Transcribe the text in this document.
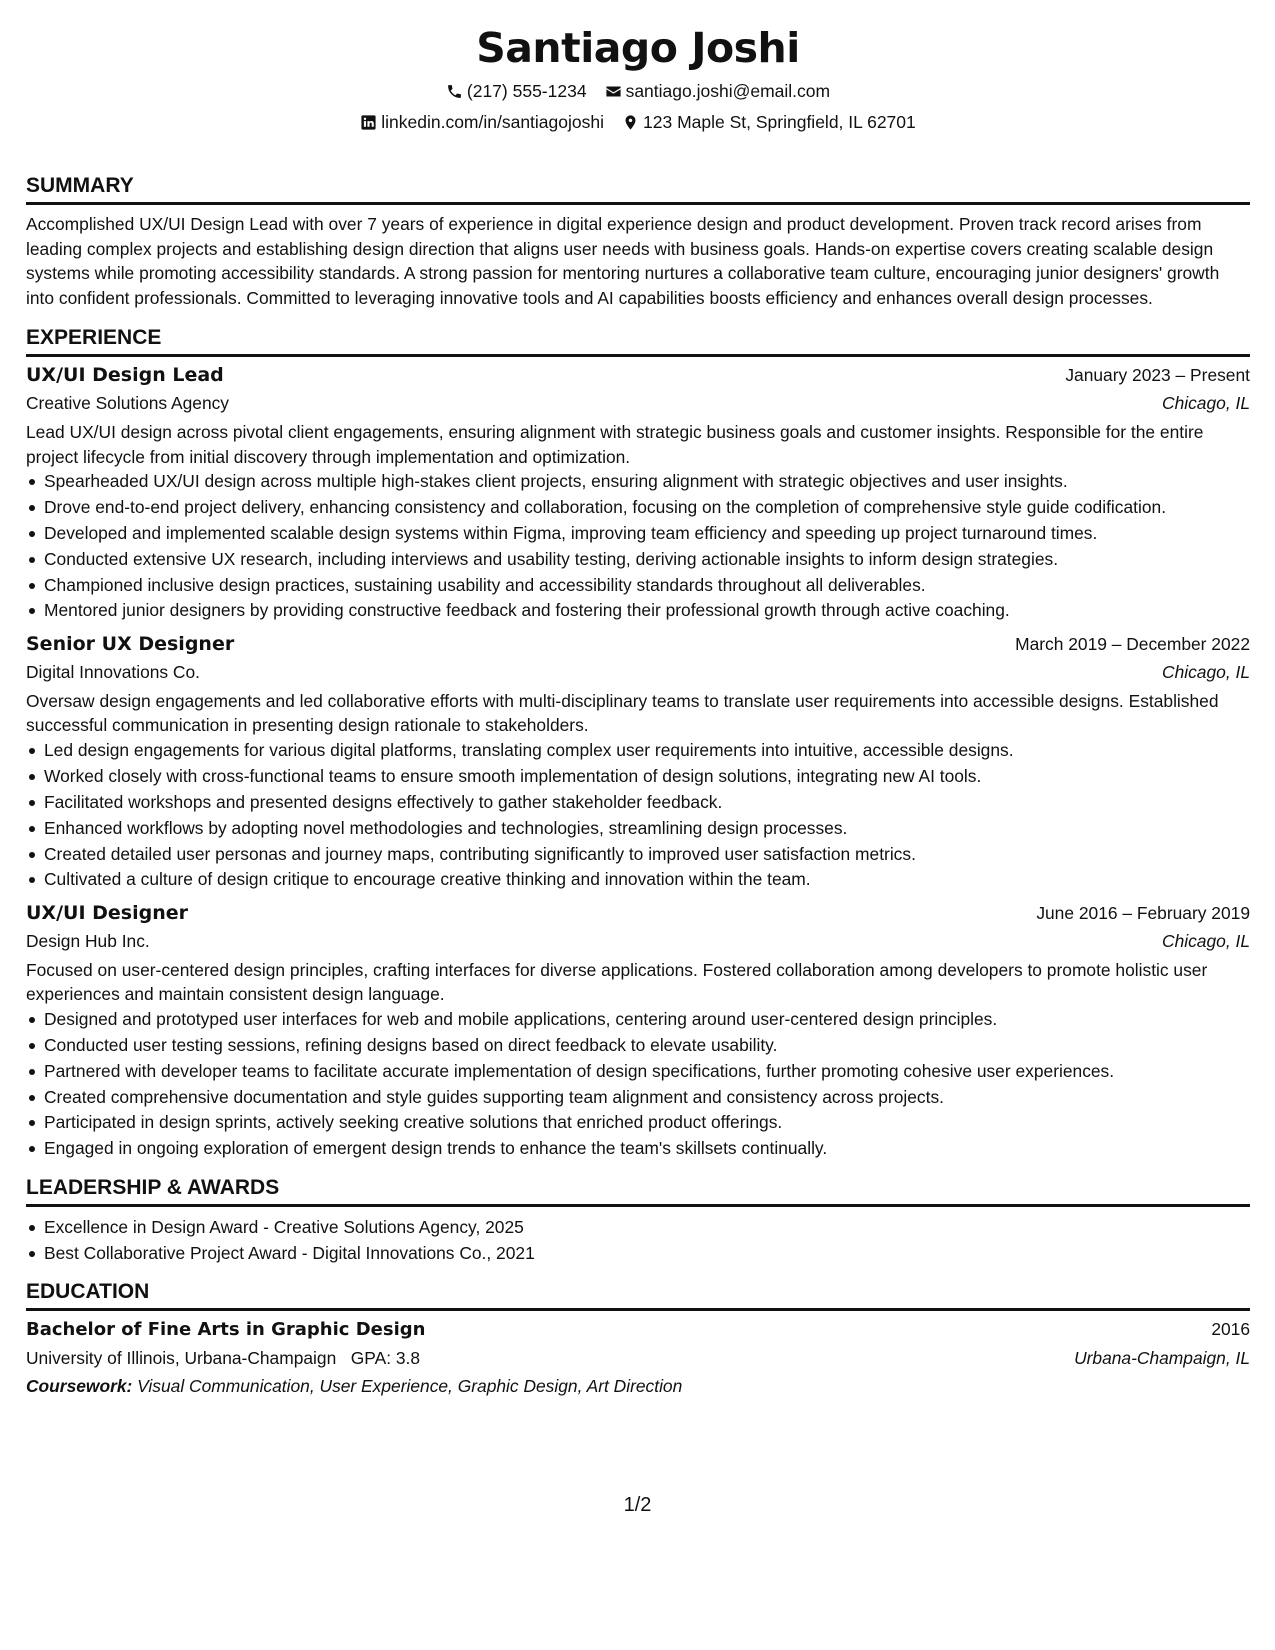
Santiago Joshi
(217) 555-1234 santiago.joshi@email.com
linkedin.com/in/santiagojoshi 123 Maple St, Springfield, IL 62701
SUMMARY

Accomplished UX/UI Design Lead with over 7 years of experience in digital experience design and product development. Proven track record arises from leading complex projects and establishing design direction that aligns user needs with business goals. Hands-on expertise covers creating scalable design systems while promoting accessibility standards. A strong passion for mentoring nurtures a collaborative team culture, encouraging junior designers' growth into confident professionals. Committed to leveraging innovative tools and AI capabilities boosts efficiency and enhances overall design processes.

EXPERIENCE
UX/UI Design Lead	January 2023 – Present
Creative Solutions Agency	Chicago, IL

Lead UX/UI design across pivotal client engagements, ensuring alignment with strategic business goals and customer insights. Responsible for the entire project lifecycle from initial discovery through implementation and optimization.

Spearheaded UX/UI design across multiple high-stakes client projects, ensuring alignment with strategic objectives and user insights.
Drove end-to-end project delivery, enhancing consistency and collaboration, focusing on the completion of comprehensive style guide codification.
Developed and implemented scalable design systems within Figma, improving team efficiency and speeding up project turnaround times.
Conducted extensive UX research, including interviews and usability testing, deriving actionable insights to inform design strategies.
Championed inclusive design practices, sustaining usability and accessibility standards throughout all deliverables.
Mentored junior designers by providing constructive feedback and fostering their professional growth through active coaching.
Senior UX Designer	March 2019 – December 2022
Digital Innovations Co.	Chicago, IL

Oversaw design engagements and led collaborative efforts with multi-disciplinary teams to translate user requirements into accessible designs. Established successful communication in presenting design rationale to stakeholders.

Led design engagements for various digital platforms, translating complex user requirements into intuitive, accessible designs.
Worked closely with cross-functional teams to ensure smooth implementation of design solutions, integrating new AI tools.
Facilitated workshops and presented designs effectively to gather stakeholder feedback.
Enhanced workflows by adopting novel methodologies and technologies, streamlining design processes.
Created detailed user personas and journey maps, contributing significantly to improved user satisfaction metrics.
Cultivated a culture of design critique to encourage creative thinking and innovation within the team.
UX/UI Designer	June 2016 – February 2019
Design Hub Inc.	Chicago, IL

Focused on user-centered design principles, crafting interfaces for diverse applications. Fostered collaboration among developers to promote holistic user experiences and maintain consistent design language.

Designed and prototyped user interfaces for web and mobile applications, centering around user-centered design principles.
Conducted user testing sessions, refining designs based on direct feedback to elevate usability.
Partnered with developer teams to facilitate accurate implementation of design specifications, further promoting cohesive user experiences.
Created comprehensive documentation and style guides supporting team alignment and consistency across projects.
Participated in design sprints, actively seeking creative solutions that enriched product offerings.
Engaged in ongoing exploration of emergent design trends to enhance the team's skillsets continually.
LEADERSHIP & AWARDS
Excellence in Design Award - Creative Solutions Agency, 2025
Best Collaborative Project Award - Digital Innovations Co., 2021
EDUCATION
Bachelor of Fine Arts in Graphic Design	2016
University of Illinois, Urbana-Champaign GPA: 3.8	Urbana-Champaign, IL
Coursework: Visual Communication, User Experience, Graphic Design, Art Direction
1/2
